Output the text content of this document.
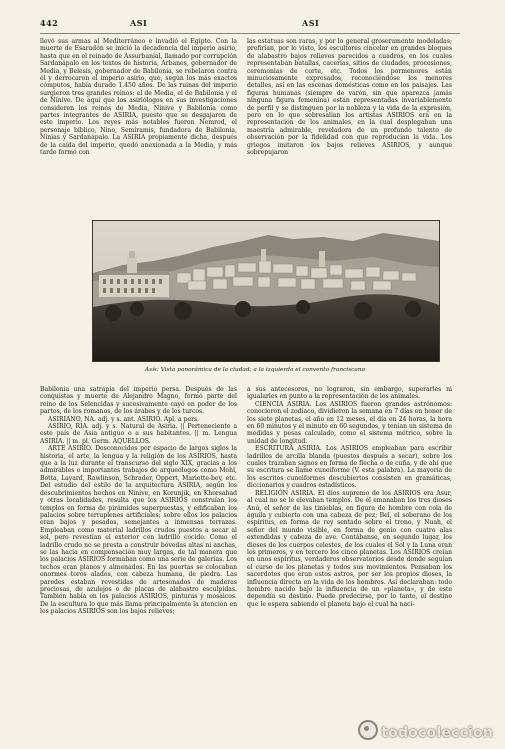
442	ASI	ASI

llevó sus armas al Mediterráneo e invadió el Egipto. Con la muerte de Esaradón se inició la decadencia del imperio asirio, hasta que en el reinado de Assurbaníal, llamado por corrupción Sardanápalo en los textos de historia, Arbanes, gobernador de Media, y Belesis, gobernador de Babilonia, se rebelaron contra él y derrocaron el imperio asirio, que, según los más exactos cómputos, había durado 1.450 años. De las ruinas del imperio surgieron tres grandes reinos: el de Media, el de Babilonia y el de Nínive. De aquí que los asiriólogos en sus investigaciones consideren los reinos de Media, Nínive y Babilonia como partes integrantes de ASIRIA, puesto que se desgajaron de este imperio. Los reyes más notables fueron Nemrod, el personaje bíblico, Nino, Semíramis, fundadora de Babilonia, Nínias y Sardanápalo. La ASIRIA propiamente dicha, después de la caída del imperio, quedó anexionada a la Media, y más tarde formó con

las estatuas son raras, y por lo general groseramente modeladas; prefirían, por lo visto, los escultores cincelar en grandes bloques de alabastro bajos relieves parecidos a cuadros, en los cuales representaban batallas, cacerías, sitios de ciudades, procesiones, ceremonias de corte, etc. Todos los pormenores están minuciosamente expresados, reconociéndose los menores detalles, así en las escenas domésticas como en los paisajes. Las figuras humanas (siempre de varón, sin que aparezca jamás ninguna figura femenina) están representadas invariablemente de perfil y se distinguen por la nobleza y la vida de la expresión, pero en lo que sobresalían los artistas ASIRIOS era en la representación de los animales, en la cual desplegaban una maestría admirable, reveladora de un profundo talento de observación por la fidelidad con que reproducían la vida. Los griegos imitaron los bajos relieves ASIRIOS, y aunque sobrepujaron

Asís: Vista panorámica de la ciudad; a la izquierda el convento franciscano

Babilonia una satrapía del imperio persa. Después de las conquistas y muerte de Alejandro Magno, formó parte del reino de los Selencidas y sucesivamente cayó en poder de los partos, de los romanos, de los árabes y de los turcos.

ASIRIANO, NA. adj. y s. ant. ASIRIO. Apl. a pers.

ASIRIO, RIA. adj. y s. Natural de Asiria. || Perteneciente a este país de Asia antiguo o a sus habitantes. || m. Lengua ASIRIA. || m. pl. Germ. AQUELLOS.

ARTE ASIRIO. Desconocidos por espacio de largos siglos la historia, el arte, la lengua y la religión de los ASIRIOS, hasta que a la luz durante el transcurso del siglo XIX, gracias a los admirables e importantes trabajos de arqueólogos como Mohl, Botta, Layard, Rawlinson, Schrader, Oppert, Mariette-bey, etc. Del estudio del estilo de la arquitectura ASIRIA, según los descubrimientos hechos en Nínive, en Korunjik, en Khorsabad y otras localidades, resulta que los ASIRIOS construían los templos en forma de pirámides superpuestas, y edificaban los palacios sobre terraplenes artificiales; sobre ellos los palacios eran bajos y pesados, semejantes a inmensas terrazas. Empleaban como material ladrillos crudos puestos a secar al sol, pero revestían el exterior con ladrillo cocido. Como el ladrillo crudo no se presta a construir bóvedas altas ni anchas, se las hacía en compensación muy largas, de tal manera que los palacios ASIRIOS formaban como una serie de galerías. Los techos eran planos y almenados. En las puertas se colocaban enormes toros alados, con cabeza humana, de piedra. Las paredes estaban revestidas de artesonados de maderas preciosas, de azulejos o de placas de alabastro esculpidas. También había en los palacios ASIRIOS, pinturas y mosaicos. De la escultura lo que más llama principalmente la atención en los palacios ASIRIOS son los bajos relieves;

a sus antecesores, no lograron, sin embargo, superarles ni igualarles en punto a la representación de los animales.

CIENCIA ASIRIA. Los ASIRIOS fueron grandes astrónomos: conocieron el zodíaco, dividieron la semana en 7 días en honor de los siete planetas, el año en 12 meses, el día en 24 horas, la hora en 60 minutos y el minuto en 60 segundos, y tenían un sistema de medidas y pesas calculado, como el sistema métrico, sobre la unidad de longitud.

ESCRITURA ASIRIA. Los ASIRIOS empleaban para escribir ladrillos de arcilla blanda (puestos después a secar), sobre los cuales trazaban signos en forma de flecha o de cuña, y de ahí que su escritura se llame cuneiforme (V. esta palabra). La mayoría de los escritos cuneiformes descubiertos consisten en gramáticas, diccionarios y cuadros estadísticos.

RELIGIÓN ASIRIA. El dios supremo de los ASIRIOS era Asur, al cual no se le elevaban templos. De él emanaban los tres dioses Anú, el señor de las tinieblas, en figura de hombre con cola de águila y cubierto con una cabeza de pez; Bel, el soberano de los espíritus, en forma de rey sentado sobre el trono, y Nuah, el señor del mundo visible, en forma de genio con cuatro alas extendidas y cabeza de ave. Contábanse, en segundo lugar, los dioses de los cuerpos celestes, de los cuales el Sol y la Luna eran los primeros, y en tercero los cinco planetas. Los ASIRIOS creían en unos espíritus, verdaderos observatorios desde donde seguían el curso de los planetas y todos sus movimientos. Pensaban los sacerdotes que eran estos astros, por ser los propios dioses, la influencia directa en la vida de los hombres. Así declaraban: todo hombre nacido bajo la influencia de un «planeta», y de este dependía su destino. Puede predecirse, por lo tanto, el destino que le espera sabiendo el planeta bajo el cual ha naci-

todocoleccion
